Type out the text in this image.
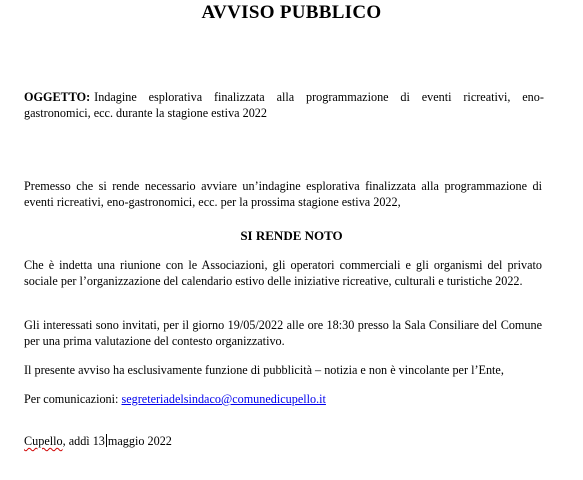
AVVISO PUBBLICO
OGGETTO: Indagine esplorativa finalizzata alla programmazione di eventi ricreativi, eno-
gastronomici, ecc. durante la stagione estiva 2022
Premesso che si rende necessario avviare un’indagine esplorativa finalizzata alla programmazione di eventi ricreativi, eno-gastronomici, ecc. per la prossima stagione estiva 2022,
SI RENDE NOTO
Che è indetta una riunione con le Associazioni, gli operatori commerciali e gli organismi del privato sociale per l’organizzazione del calendario estivo delle iniziative ricreative, culturali e turistiche 2022.
Gli interessati sono invitati, per il giorno 19/05/2022 alle ore 18:30 presso la Sala Consiliare del Comune per una prima valutazione del contesto organizzativo.
Il presente avviso ha esclusivamente funzione di pubblicità – notizia e non è vincolante per l’Ente,
Per comunicazioni: segreteriadelsindaco@comunedicupello.it
Cupello, addì 13 maggio 2022
